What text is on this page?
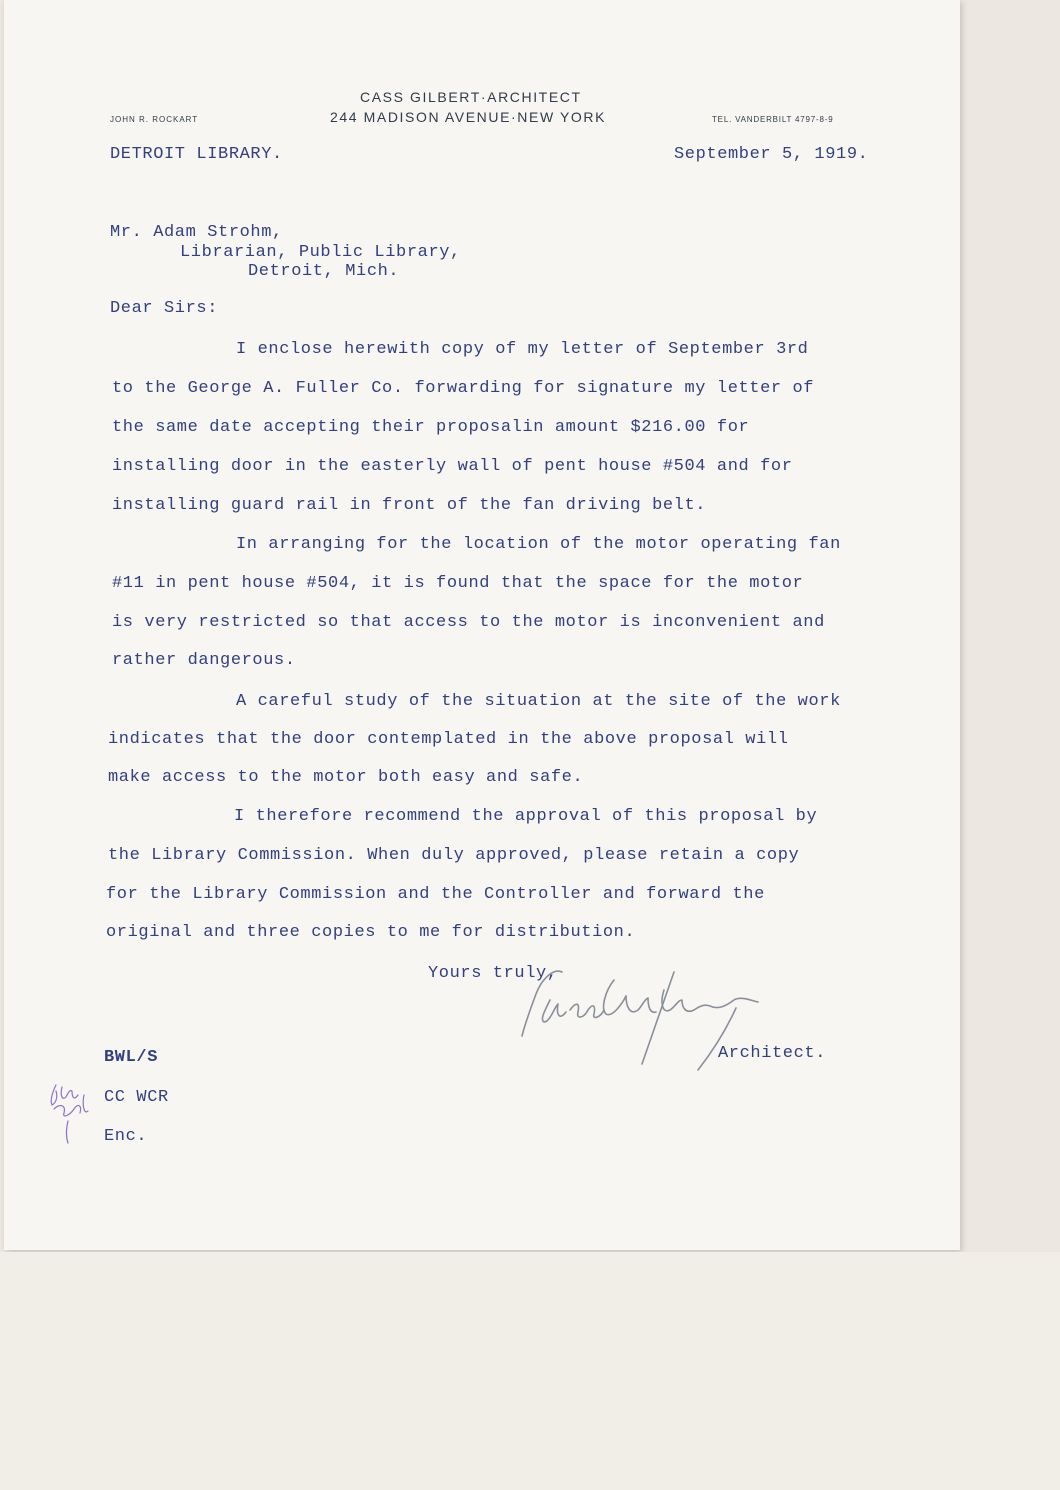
CASS GILBERT·ARCHITECT
244 MADISON AVENUE·NEW YORK
JOHN R. ROCKART	TEL. VANDERBILT 4797-8-9
DETROIT LIBRARY.	September 5, 1919.
Mr. Adam Strohm,
Librarian, Public Library,
Detroit, Mich.
Dear Sirs:
I enclose herewith copy of my letter of September 3rd
to the George A. Fuller Co. forwarding for signature my letter of
the same date accepting their proposalin amount $216.00 for
installing door in the easterly wall of pent house #504 and for
installing guard rail in front of the fan driving belt.
In arranging for the location of the motor operating fan
#11 in pent house #504, it is found that the space for the motor
is very restricted so that access to the motor is inconvenient and
rather dangerous.
A careful study of the situation at the site of the work
indicates that the door contemplated in the above proposal will
make access to the motor both easy and safe.
I therefore recommend the approval of this proposal by
the Library Commission. When duly approved, please retain a copy
for the Library Commission and the Controller and forward the
original and three copies to me for distribution.
Yours truly,
Architect.
BWL/S
CC WCR
Enc.
